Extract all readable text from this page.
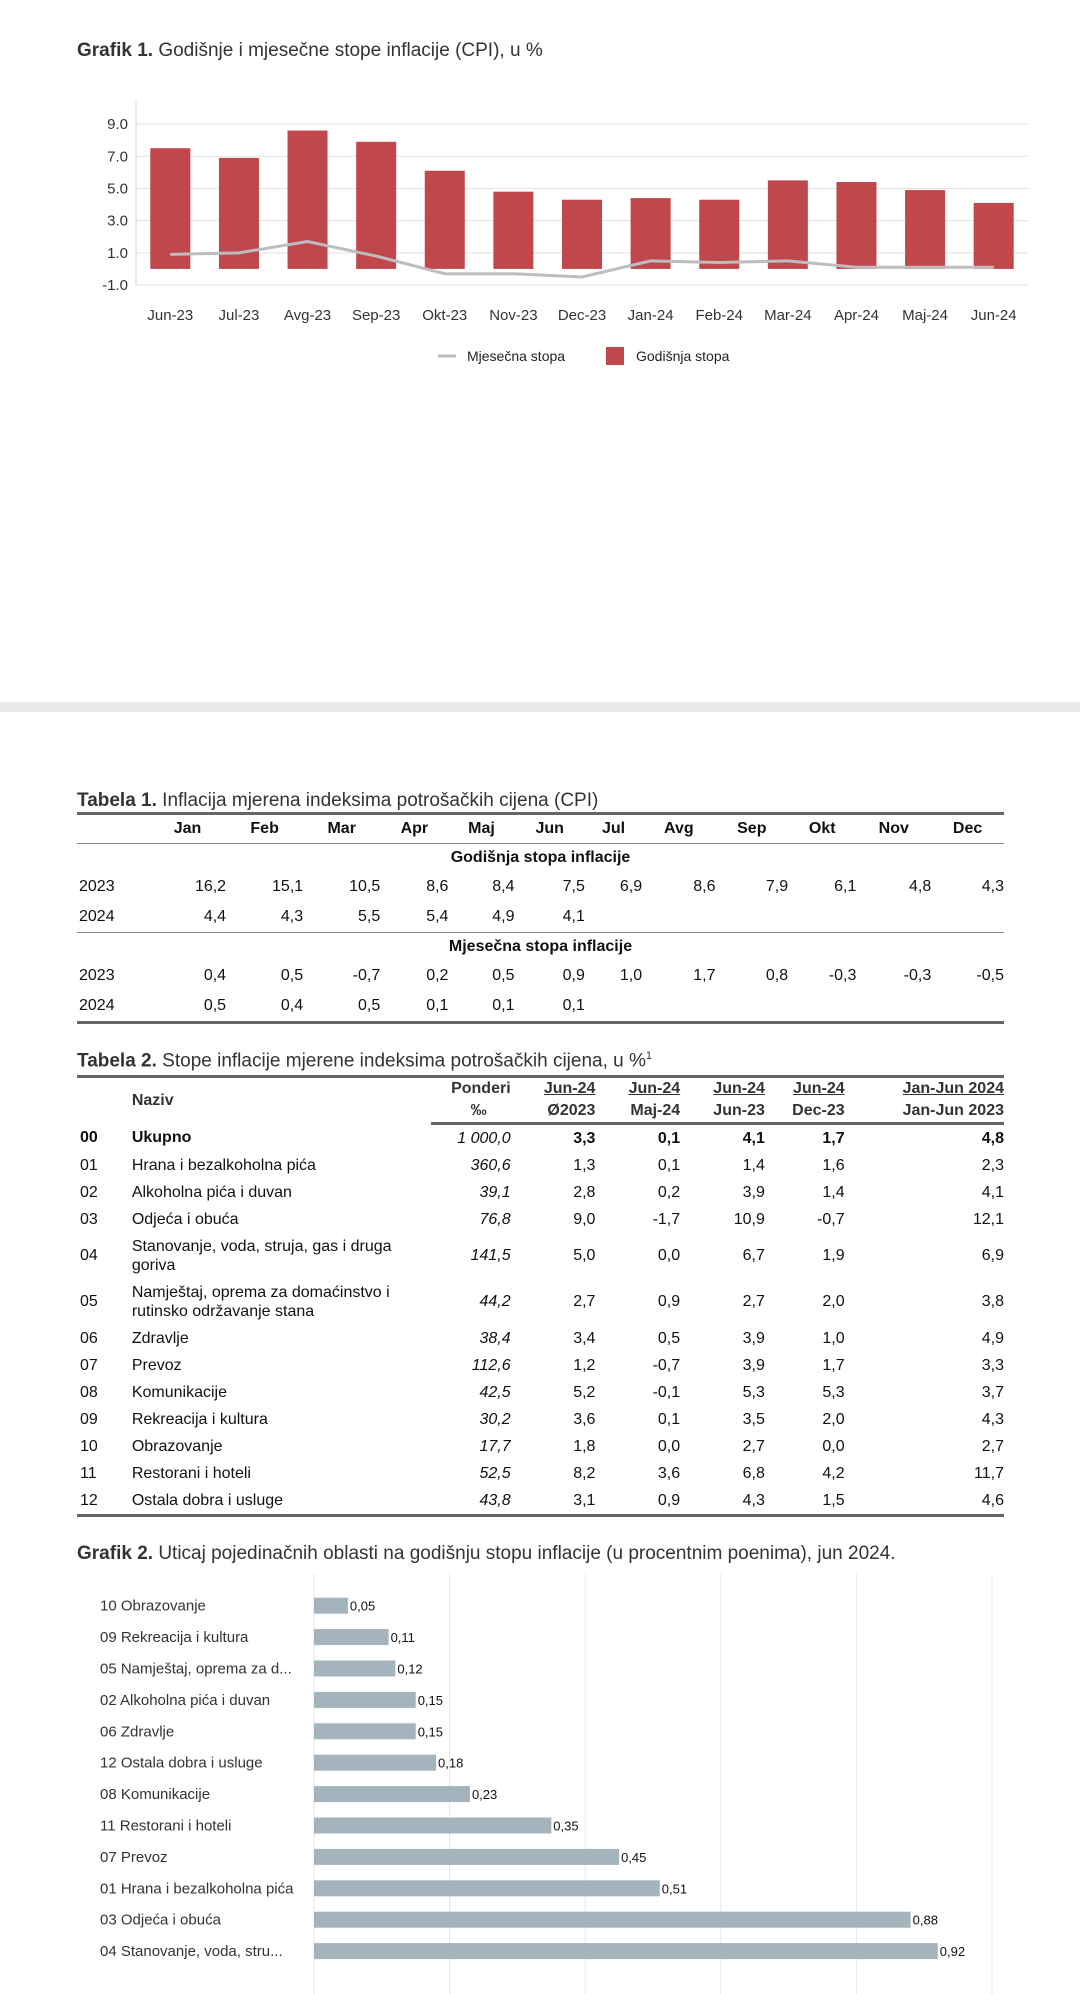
Grafik 1. Godišnje i mjesečne stope inflacije (CPI), u %
9.0
7.0
5.0
3.0
1.0
-1.0
Jun-23 Jul-23 Avg-23 Sep-23 Okt-23 Nov-23 Dec-23 Jan-24 Feb-24 Mar-24 Apr-24 Maj-24 Jun-24
Mjesečna stopa	Godišnja stopa
Tabela 1. Inflacija mjerena indeksima potrošačkih cijena (CPI)
	Jan	Feb	Mar	Apr	Maj	Jun	Jul	Avg	Sep	Okt	Nov	Dec
Godišnja stopa inflacije												
2023	16,2	15,1	10,5	8,6	8,4	7,5	6,9	8,6	7,9	6,1	4,8	4,3
2024	4,4	4,3	5,5	5,4	4,9	4,1						
Mjesečna stopa inflacije												
2023	0,4	0,5	-0,7	0,2	0,5	0,9	1,0	1,7	0,8	-0,3	-0,3	-0,5
2024	0,5	0,4	0,5	0,1	0,1	0,1						
Tabela 2. Stope inflacije mjerene indeksima potrošačkih cijena, u %$^1$
	Naziv	Ponderi	Jun-24	Jun-24	Jun-24	Jun-24	Jan-Jun 2024
		‰	Ø2023	Maj-24	Jun-23	Dec-23	Jan-Jun 2023
00	Ukupno	1 000,0	3,3	0,1	4,1	1,7	4,8
01	Hrana i bezalkoholna pića	360,6	1,3	0,1	1,4	1,6	2,3
02	Alkoholna pića i duvan	39,1	2,8	0,2	3,9	1,4	4,1
03	Odjeća i obuća	76,8	9,0	-1,7	10,9	-0,7	12,1
04	Stanovanje, voda, struja, gas i druga goriva	141,5	5,0	0,0	6,7	1,9	6,9
05	Namještaj, oprema za domaćinstvo i rutinsko održavanje stana	44,2	2,7	0,9	2,7	2,0	3,8
06	Zdravlje	38,4	3,4	0,5	3,9	1,0	4,9
07	Prevoz	112,6	1,2	-0,7	3,9	1,7	3,3
08	Komunikacije	42,5	5,2	-0,1	5,3	5,3	3,7
09	Rekreacija i kultura	30,2	3,6	0,1	3,5	2,0	4,3
10	Obrazovanje	17,7	1,8	0,0	2,7	0,0	2,7
11	Restorani i hoteli	52,5	8,2	3,6	6,8	4,2	11,7
12	Ostala dobra i usluge	43,8	3,1	0,9	4,3	1,5	4,6
Grafik 2. Uticaj pojedinačnih oblasti na godišnju stopu inflacije (u procentnim poenima), jun 2024.
10 Obrazovanje	0,05
09 Rekreacija i kultura	0,11
05 Namještaj, oprema za d...	0,12
02 Alkoholna pića i duvan	0,15
06 Zdravlje	0,15
12 Ostala dobra i usluge	0,18
08 Komunikacije	0,23
11 Restorani i hoteli	0,35
07 Prevoz	0,45
01 Hrana i bezalkoholna pića	0,51
03 Odjeća i obuća	0,88
04 Stanovanje, voda, stru...	0,92
